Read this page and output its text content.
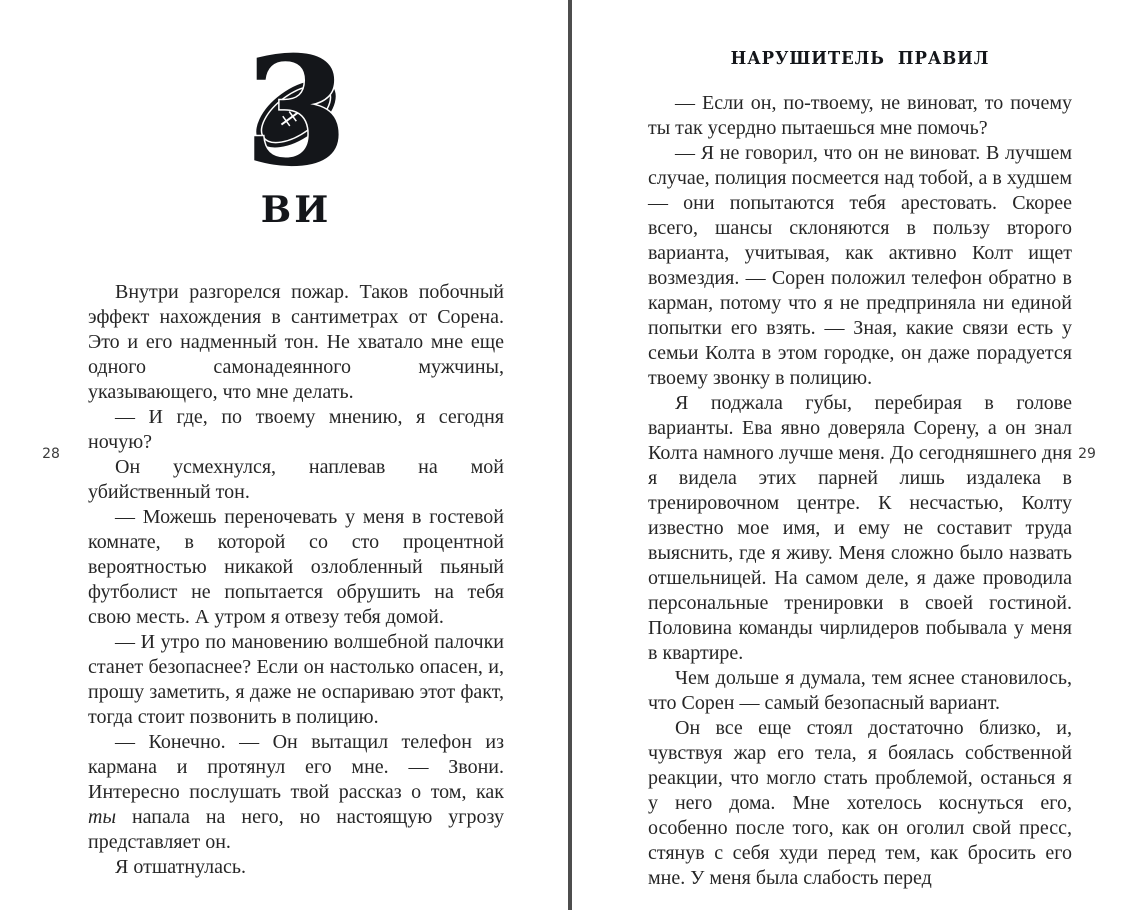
3
ВИ

Внутри разгорелся пожар. Таков побочный эффект нахождения в сантиметрах от Сорена. Это и его надменный тон. Не хватало мне еще одного самонадеянного мужчины, указывающего, что мне делать.

— И где, по твоему мнению, я сегодня ночую?

Он усмехнулся, наплевав на мой убийственный тон.

— Можешь переночевать у меня в гостевой комнате, в которой со сто процентной вероятностью никакой озлобленный пьяный футболист не попытается обрушить на тебя свою месть. А утром я отвезу тебя домой.

— И утро по мановению волшебной палочки станет безопаснее? Если он настолько опасен, и, прошу заметить, я даже не оспариваю этот факт, тогда стоит позвонить в полицию.

— Конечно. — Он вытащил телефон из кармана и протянул его мне. — Звони. Интересно послушать твой рассказ о том, как ты напала на него, но настоящую угрозу представляет он.

Я отшатнулась.

НАРУШИТЕЛЬ ПРАВИЛ

— Если он, по-твоему, не виноват, то почему ты так усердно пытаешься мне помочь?

— Я не говорил, что он не виноват. В лучшем случае, полиция посмеется над тобой, а в худшем — они попытаются тебя арестовать. Скорее всего, шансы склоняются в пользу второго варианта, учитывая, как активно Колт ищет возмездия. — Сорен положил телефон обратно в карман, потому что я не предприняла ни единой попытки его взять. — Зная, какие связи есть у семьи Колта в этом городке, он даже порадуется твоему звонку в полицию.

Я поджала губы, перебирая в голове варианты. Ева явно доверяла Сорену, а он знал Колта намного лучше меня. До сегодняшнего дня я видела этих парней лишь издалека в тренировочном центре. К несчастью, Колту известно мое имя, и ему не составит труда выяснить, где я живу. Меня сложно было назвать отшельницей. На самом деле, я даже проводила персональные тренировки в своей гостиной. Половина команды чирлидеров побывала у меня в квартире.

Чем дольше я думала, тем яснее становилось, что Сорен — самый безопасный вариант.

Он все еще стоял достаточно близко, и, чувствуя жар его тела, я боялась собственной реакции, что могло стать проблемой, останься я у него дома. Мне хотелось коснуться его, особенно после того, как он оголил свой пресс, стянув с себя худи перед тем, как бросить его мне. У меня была слабость перед

28	29
